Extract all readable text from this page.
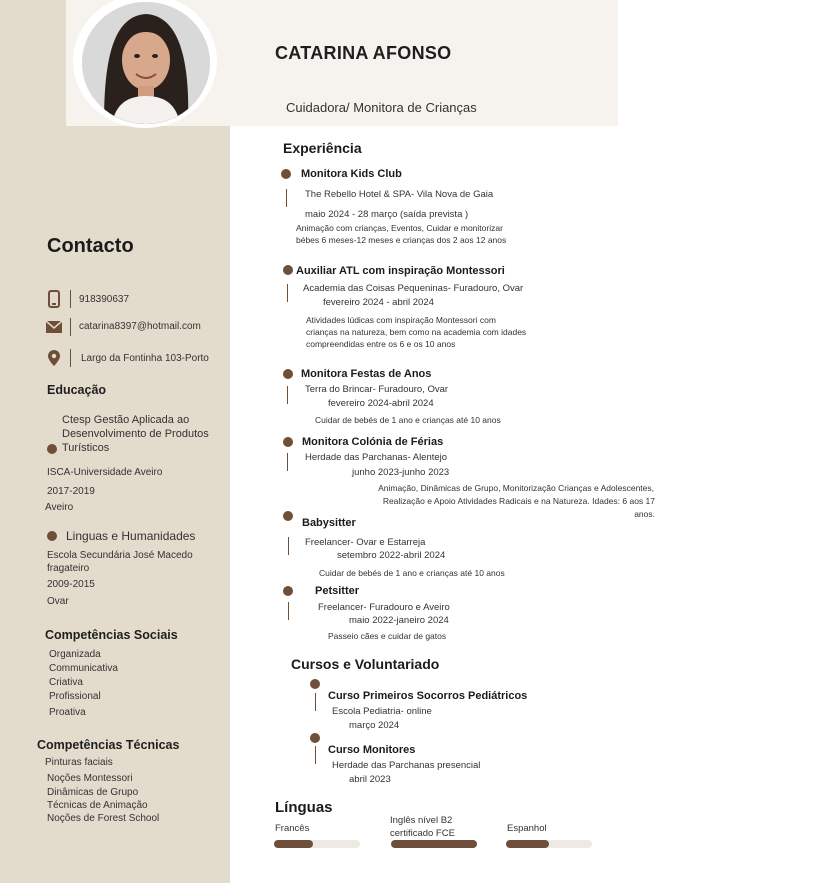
CATARINA AFONSO
Cuidadora/ Monitora de Crianças
Contacto
918390637
catarina8397@hotmail.com
Largo da Fontinha 103-Porto
Educação
Ctesp Gestão Aplicada ao
Desenvolvimento de Produtos
Turísticos
ISCA-Universidade Aveiro
2017-2019
Aveiro
Linguas e Humanidades
Escola Secundária José Macedo
fragateiro
2009-2015
Ovar
Competências Sociais
Organizada
Communicativa
Criativa
Profissional
Proativa
Competências Técnicas
Pinturas faciais
Noções Montessori
Dinâmicas de Grupo
Técnicas de Animação
Noções de Forest School
Experiência
Monitora Kids Club
The Rebello Hotel & SPA- Vila Nova de Gaia
maio 2024 - 28 março (saída prevista )
Animação com crianças, Eventos, Cuidar e monitorizar
bébes 6 meses-12 meses e crianças dos 2 aos 12 anos
Auxiliar ATL com inspiração Montessori
Academia das Coisas Pequeninas- Furadouro, Ovar
fevereiro 2024 - abril 2024
Atividades lúdicas com inspiração Montessori com
crianças na natureza, bem como na academia com idades
compreendidas entre os 6 e os 10 anos
Monitora Festas de Anos
Terra do Brincar- Furadouro, Ovar
fevereiro 2024-abril 2024
Cuidar de bebés de 1 ano e crianças até 10 anos
Monitora Colónia de Férias
Herdade das Parchanas- Alentejo
junho 2023-junho 2023
Animação, Dinâmicas de Grupo, Monitorização Crianças e Adolescentes,
Realização e Apoio Atividades Radicais e na Natureza. Idades: 6 aos 17
anos.
Babysitter
Freelancer- Ovar e Estarreja
setembro 2022-abril 2024
Cuidar de bebés de 1 ano e crianças até 10 anos
Petsitter
Freelancer- Furadouro e Aveiro
maio 2022-janeiro 2024
Passeio cães e cuidar de gatos
Cursos e Voluntariado
Curso Primeiros Socorros Pediátricos
Escola Pediatria- online
março 2024
Curso Monitores
Herdade das Parchanas presencial
abril 2023
Línguas
Francês
Inglês nível B2
certificado FCE	Espanhol
